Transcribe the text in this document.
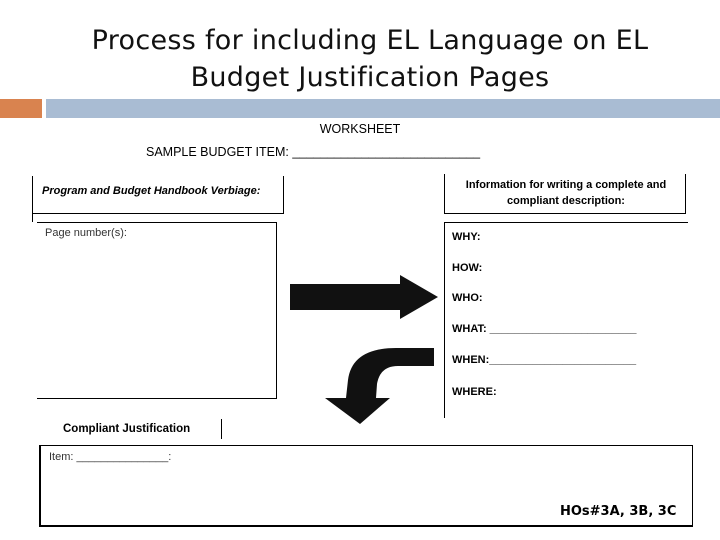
Process for including EL Language on EL Budget Justification Pages
WORKSHEET
SAMPLE BUDGET ITEM: ___________________________
Program and Budget Handbook Verbiage:
Page number(s):
Information for writing a complete and compliant description:
WHY:
HOW:
WHO:
WHAT: ________________________
WHEN:________________________
WHERE:
Compliant Justification
Item: _______________:
HOs#3A, 3B, 3C
